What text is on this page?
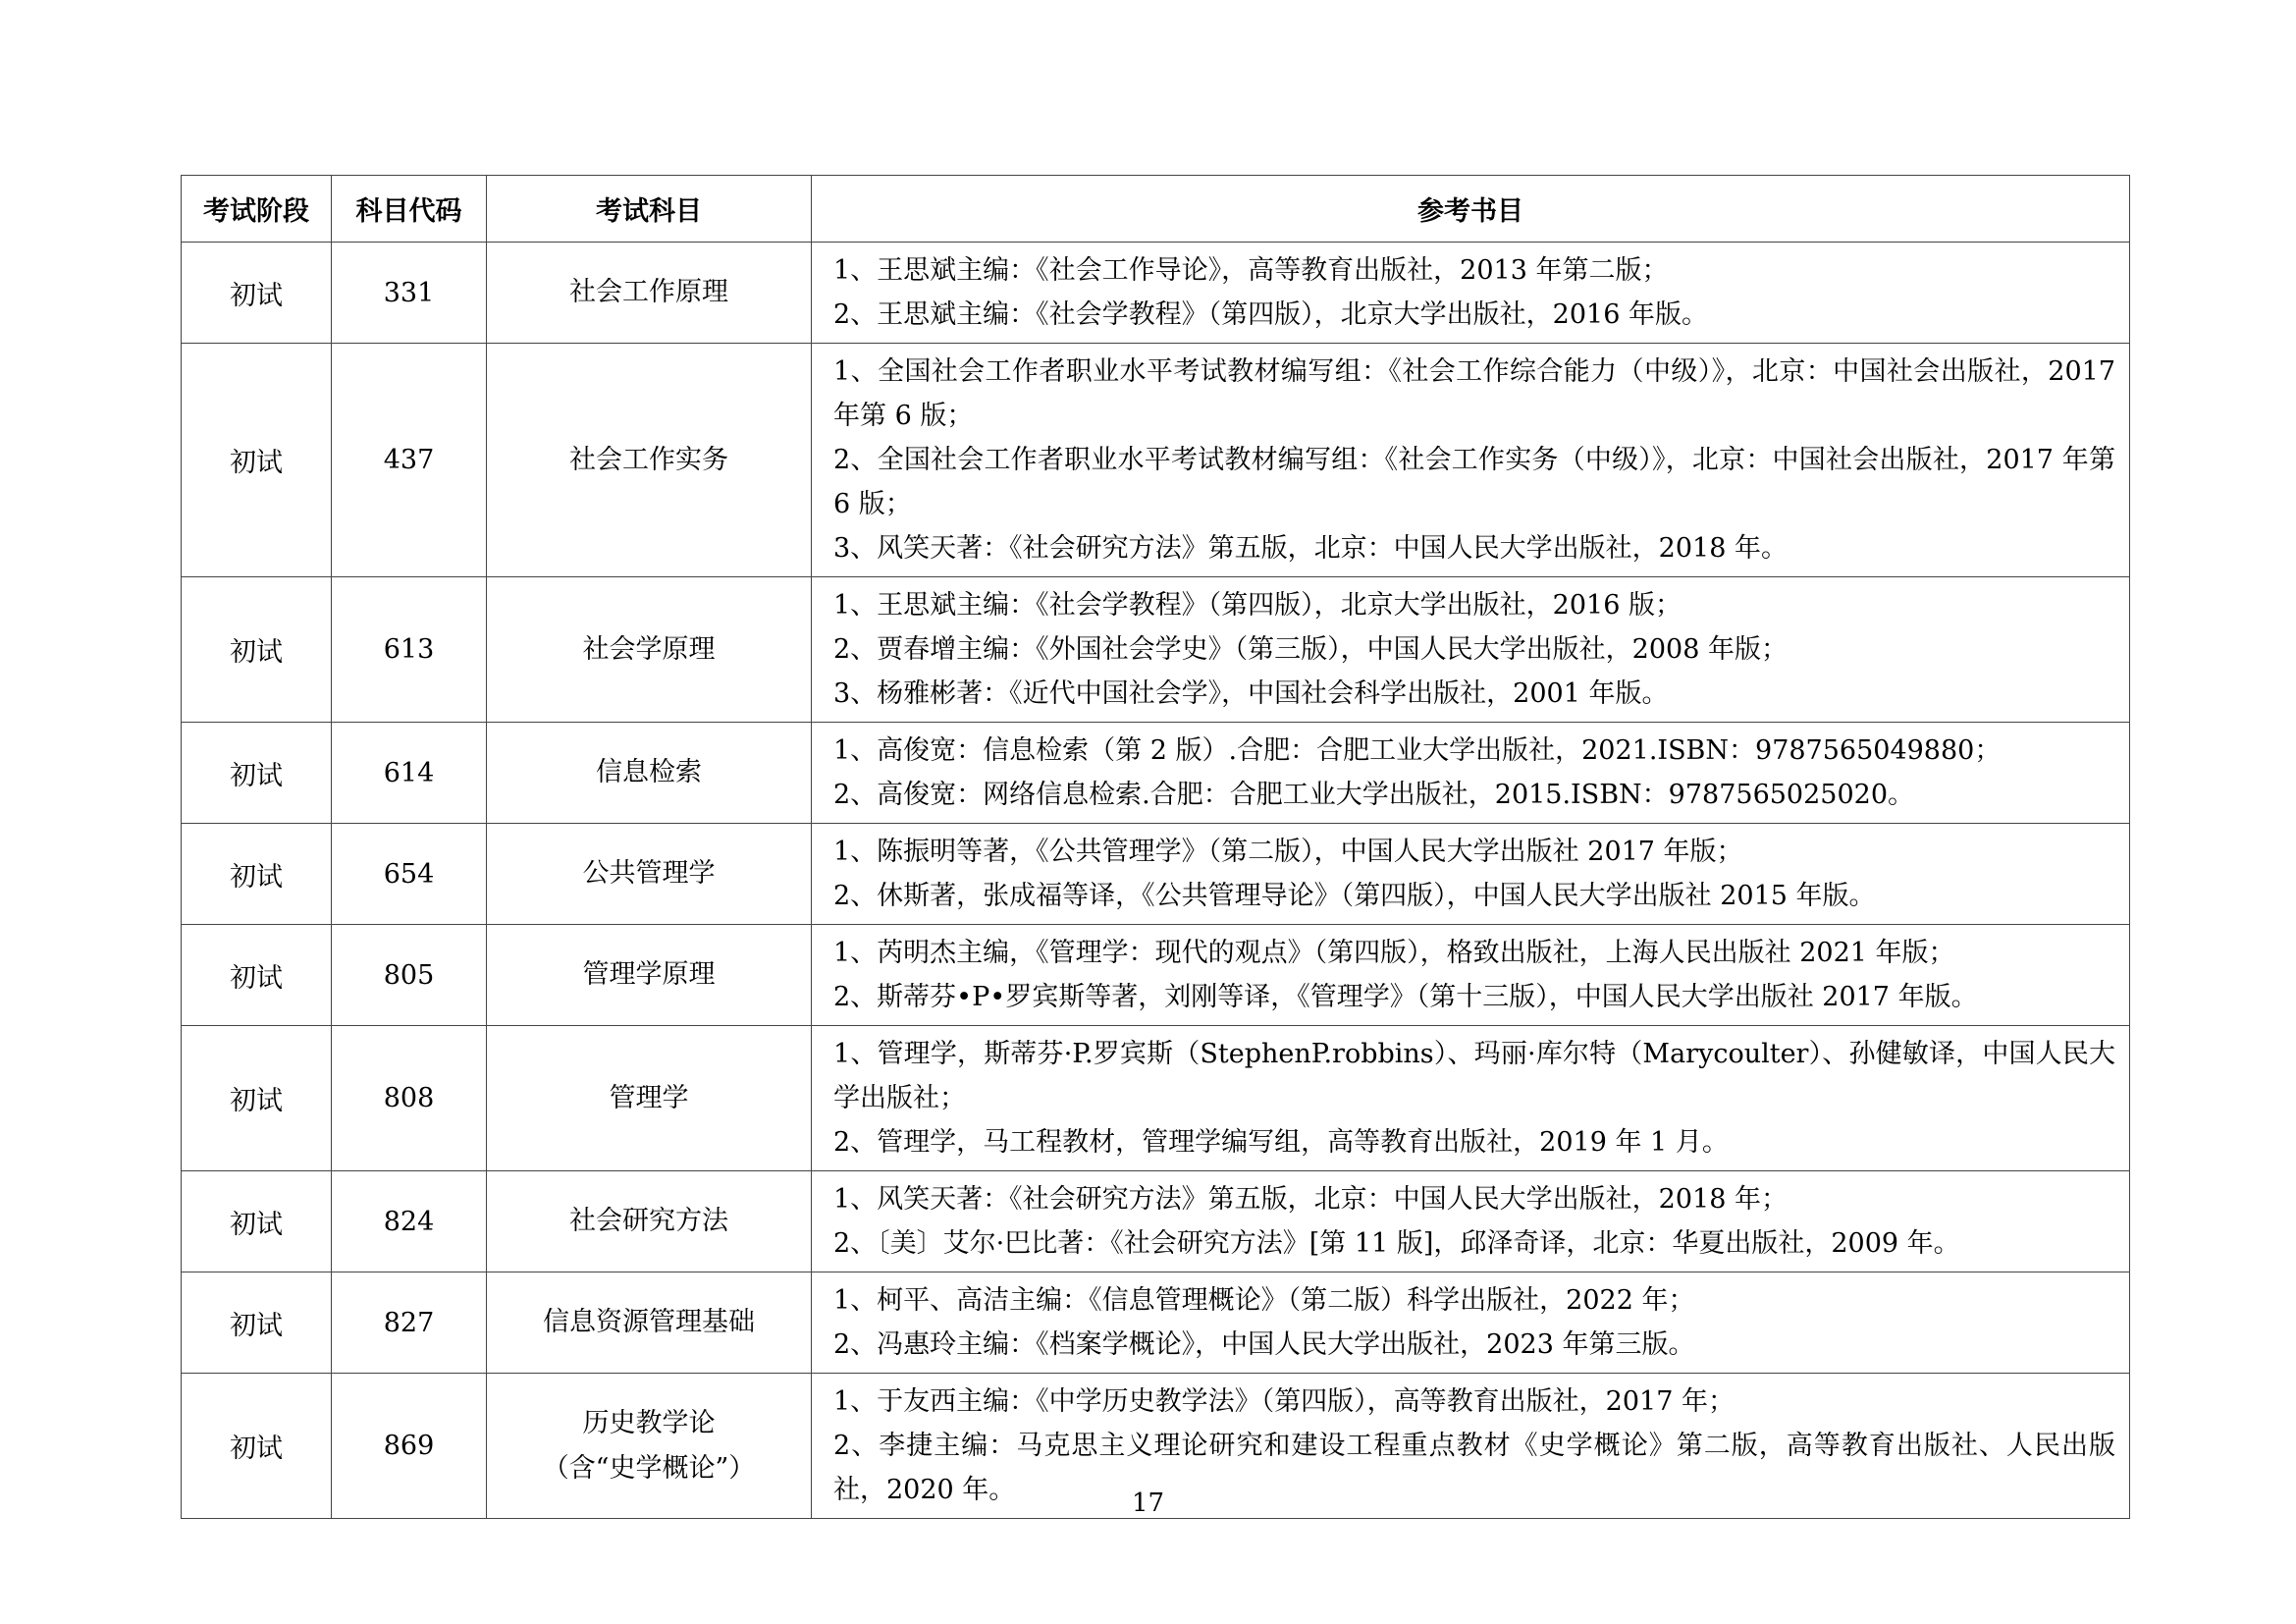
考试阶段	科目代码	考试科目	参考书目
初试	331	社会工作原理	1、王思斌主编：《社会工作导论》，高等教育出版社，2013 年第二版；
2、王思斌主编：《社会学教程》（第四版），北京大学出版社，2016 年版。

初试	437	社会工作实务	1、全国社会工作者职业水平考试教材编写组：《社会工作综合能力（中级）》，北京：中国社会出版社，2017 年第 6 版；
2、全国社会工作者职业水平考试教材编写组：《社会工作实务（中级）》，北京：中国社会出版社，2017 年第 6 版；
3、风笑天著：《社会研究方法》第五版，北京：中国人民大学出版社，2018 年。

初试	613	社会学原理	1、王思斌主编：《社会学教程》（第四版），北京大学出版社，2016 版；
2、贾春增主编：《外国社会学史》（第三版），中国人民大学出版社，2008 年版；
3、杨雅彬著：《近代中国社会学》，中国社会科学出版社，2001 年版。

初试	614	信息检索	1、高俊宽：信息检索（第 2 版）.合肥：合肥工业大学出版社，2021.ISBN：9787565049880；
2、高俊宽：网络信息检索.合肥：合肥工业大学出版社，2015.ISBN：9787565025020。

初试	654	公共管理学	1、陈振明等著，《公共管理学》（第二版），中国人民大学出版社 2017 年版；
2、休斯著，张成福等译，《公共管理导论》（第四版），中国人民大学出版社 2015 年版。

初试	805	管理学原理	1、芮明杰主编，《管理学：现代的观点》（第四版），格致出版社，上海人民出版社 2021 年版；
2、斯蒂芬•P•罗宾斯等著，刘刚等译，《管理学》（第十三版），中国人民大学出版社 2017 年版。

初试	808	管理学	1、管理学，斯蒂芬·P.罗宾斯（StephenP.robbins）、玛丽·库尔特（Marycoulter）、孙健敏译，中国人民大学出版社；
2、管理学，马工程教材，管理学编写组，高等教育出版社，2019 年 1 月。

初试	824	社会研究方法	1、风笑天著：《社会研究方法》第五版，北京：中国人民大学出版社，2018 年；
2、〔美〕艾尔·巴比著：《社会研究方法》[第 11 版]，邱泽奇译，北京：华夏出版社，2009 年。

初试	827	信息资源管理基础	1、柯平、高洁主编：《信息管理概论》（第二版）科学出版社，2022 年；
2、冯惠玲主编：《档案学概论》，中国人民大学出版社，2023 年第三版。

初试	869	历史教学论
（含“史学概论”）	1、于友西主编：《中学历史教学法》（第四版），高等教育出版社，2017 年；
2、李捷主编：马克思主义理论研究和建设工程重点教材《史学概论》第二版，高等教育出版社、人民出版社，2020 年。	17
